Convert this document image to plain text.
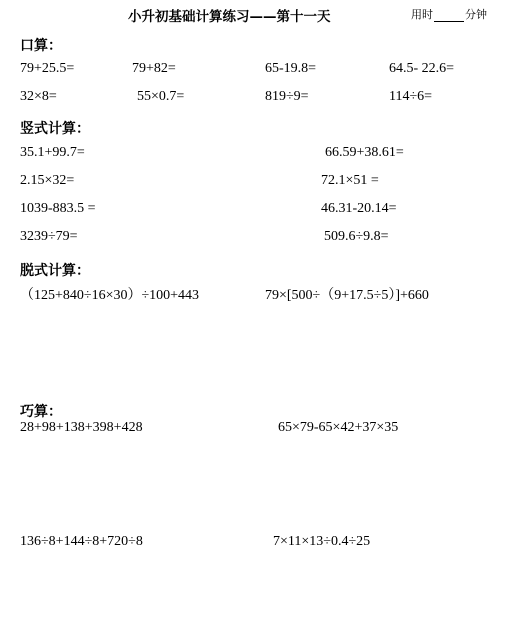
小升初基础计算练习——第十一天	用时	分钟
口算：
79+25.5=	79+82=	65-19.8=	64.5- 22.6=
32×8=	55×0.7=	819÷9=	114÷6=
竖式计算：
35.1+99.7=	66.59+38.61=
2.15×32=	72.1×51 =
1039-883.5 =	46.31-20.14=
3239÷79=	509.6÷9.8=
脱式计算：
（125+840÷16×30）÷100+443	79×[500÷（9+17.5÷5）]+660
巧算：
28+98+138+398+428	65×79-65×42+37×35
136÷8+144÷8+720÷8	7×11×13÷0.4÷25
